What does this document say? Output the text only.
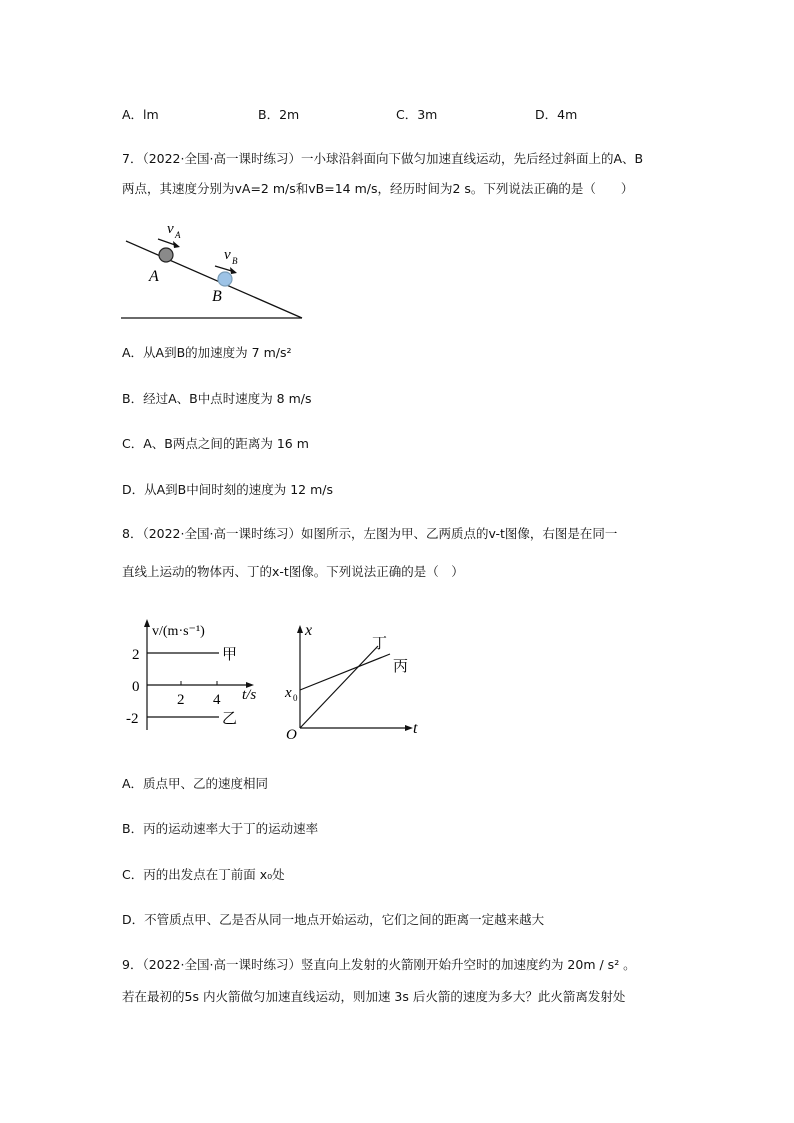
A．lm	B．2m	C．3m	D．4m
7．（2022·全国·高一课时练习）一小球沿斜面向下做匀加速直线运动，先后经过斜面上的A、B
两点，其速度分别为vA=2 m/s和vB=14 m/s，经历时间为2 s。下列说法正确的是（　　）
v A
v B
A
B
A．从A到B的加速度为 7 m/s²
B．经过A、B中点时速度为 8 m/s
C．A、B两点之间的距离为 16 m
D．从A到B中间时刻的速度为 12 m/s
8．（2022·全国·高一课时练习）如图所示，左图为甲、乙两质点的v-t图像，右图是在同一
直线上运动的物体丙、丁的x-t图像。下列说法正确的是（　）
v/(m·s⁻¹)
2
0
-2
2 4 t/s
甲
乙
x
x 0
O	t
丁
丙
A．质点甲、乙的速度相同
B．丙的运动速率大于丁的运动速率
C．丙的出发点在丁前面 x₀处
D．不管质点甲、乙是否从同一地点开始运动，它们之间的距离一定越来越大
9．（2022·全国·高一课时练习）竖直向上发射的火箭刚开始升空时的加速度约为 20m / s² 。
若在最初的5s 内火箭做匀加速直线运动，则加速 3s 后火箭的速度为多大？此火箭离发射处
